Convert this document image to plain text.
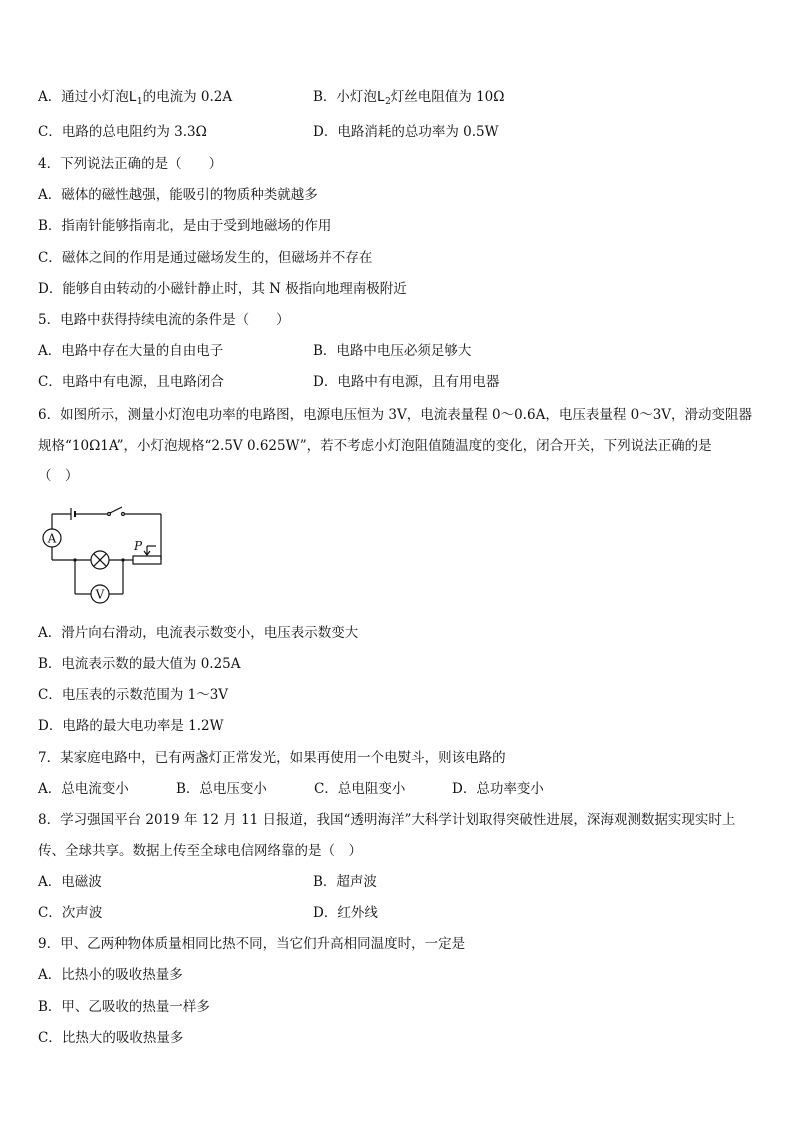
A．通过小灯泡$L_1$的电流为 0.2A	B．小灯泡$L_2$灯丝电阻值为 10Ω
C．电路的总电阻约为 3.3Ω	D．电路消耗的总功率为 0.5W
4．下列说法正确的是（　　）
A．磁体的磁性越强，能吸引的物质种类就越多
B．指南针能够指南北，是由于受到地磁场的作用
C．磁体之间的作用是通过磁场发生的，但磁场并不存在
D．能够自由转动的小磁针静止时，其 N 极指向地理南极附近
5．电路中获得持续电流的条件是（　　）
A．电路中存在大量的自由电子	B．电路中电压必须足够大
C．电路中有电源，且电路闭合	D．电路中有电源，且有用电器
6．如图所示，测量小灯泡电功率的电路图，电源电压恒为 3V，电流表量程 0～0.6A，电压表量程 0～3V，滑动变阻器
规格“10Ω1A”，小灯泡规格“2.5V 0.625W”，若不考虑小灯泡阻值随温度的变化，闭合开关，下列说法正确的是
（　）
A
V
P
A．滑片向右滑动，电流表示数变小，电压表示数变大
B．电流表示数的最大值为 0.25A
C．电压表的示数范围为 1～3V
D．电路的最大电功率是 1.2W
7．某家庭电路中，已有两盏灯正常发光，如果再使用一个电熨斗，则该电路的
A．总电流变小	B．总电压变小	C．总电阻变小	D．总功率变小
8．学习强国平台 2019 年 12 月 11 日报道，我国“透明海洋”大科学计划取得突破性进展，深海观测数据实现实时上
传、全球共享。数据上传至全球电信网络靠的是（　）
A．电磁波	B．超声波
C．次声波	D．红外线
9．甲、乙两种物体质量相同比热不同，当它们升高相同温度时，一定是
A．比热小的吸收热量多
B．甲、乙吸收的热量一样多
C．比热大的吸收热量多
